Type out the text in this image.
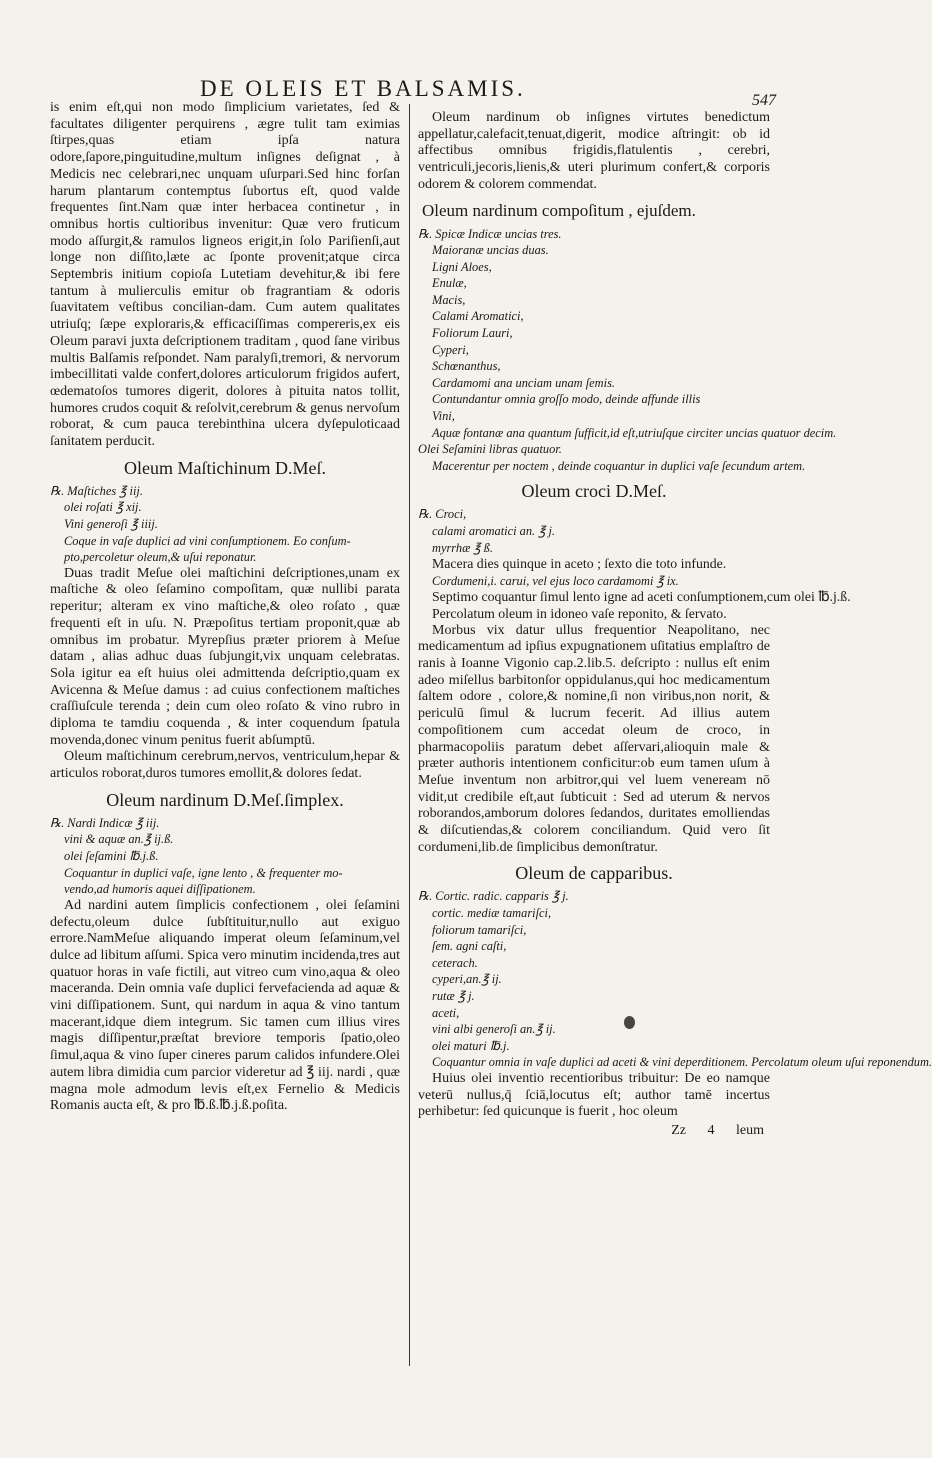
DE OLEIS ET BALSAMIS.	547

is enim eſt,qui non modo ſimplicium varietates, ſed & facultates diligenter perquirens , ægre tulit tam eximias ſtirpes,quas etiam ipſa natura odore,ſapore,pinguitudine,multum inſignes deſignat , à Medicis nec celebrari,nec unquam uſurpari.Sed hinc forſan harum plantarum contemptus ſubortus eſt, quod valde frequentes ſint.Nam quæ inter herbacea continetur , in omnibus hortis cultioribus invenitur: Quæ vero fruticum modo aſſurgit,& ramulos ligneos erigit,in ſolo Pariſienſi,aut longe non diſſito,læte ac ſponte provenit;atque circa Septembris initium copioſa Lutetiam devehitur,& ibi fere tantum à mulierculis emitur ob fragrantiam & odoris ſuavitatem veſtibus concilian-dam. Cum autem qualitates utriuſq; ſæpe exploraris,& efficaciſſimas compereris,ex eis Oleum paravi juxta deſcriptionem traditam , quod ſane viribus multis Balſamis reſpondet. Nam paralyſi,tremori, & nervorum imbecillitati valde confert,dolores articulorum frigidos aufert, œdematoſos tumores digerit, dolores à pituita natos tollit, humores crudos coquit & reſolvit,cerebrum & genus nervoſum roborat, & cum pauca terebinthina ulcera dyſepuloticaad ſanitatem perducit.

Oleum Maſtichinum D.Meſ.
℞. Maſtiches ℥ iij.
olei roſati ℥ xij.
Vini generoſi ℥ iiij.
Coque in vaſe duplici ad vini conſumptionem. Eo conſum-
pto,percoletur oleum,& uſui reponatur.

Duas tradit Meſue olei maſtichini deſcriptiones,unam ex maſtiche & oleo ſeſamino compoſitam, quæ nullibi parata reperitur; alteram ex vino maſtiche,& oleo roſato , quæ frequenti eſt in uſu. N. Præpoſitus tertiam proponit,quæ ab omnibus im probatur. Myrepſius præter priorem à Meſue datam , alias adhuc duas ſubjungit,vix unquam celebratas. Sola igitur ea eſt huius olei admittenda deſcriptio,quam ex Avicenna & Meſue damus : ad cuius confectionem maſtiches craſſiuſcule terenda ; dein cum oleo roſato & vino rubro in diploma te tamdiu coquenda , & inter coquendum ſpatula movenda,donec vinum penitus fuerit abſumptū.

Oleum maſtichinum cerebrum,nervos, ventriculum,hepar & articulos roborat,duros tumores emollit,& dolores ſedat.

Oleum nardinum D.Meſ.ſimplex.
℞. Nardi Indicæ ℥ iij.
vini & aquæ an.℥ ij.ß.
olei ſeſamini ℔.j.ß.
Coquantur in duplici vaſe, igne lento , & frequenter mo-
vendo,ad humoris aquei diſſipationem.

Ad nardini autem ſimplicis confectionem , olei ſeſamini defectu,oleum dulce ſubſtituitur,nullo aut exiguo errore.NamMeſue aliquando imperat oleum ſeſaminum,vel dulce ad libitum aſſumi. Spica vero minutim incidenda,tres aut quatuor horas in vaſe fictili, aut vitreo cum vino,aqua & oleo maceranda. Dein omnia vaſe duplici fervefacienda ad aquæ & vini diſſipationem. Sunt, qui nardum in aqua & vino tantum macerant,idque diem integrum. Sic tamen cum illius vires magis diſſipentur,præſtat breviore temporis ſpatio,oleo ſimul,aqua & vino ſuper cineres parum calidos infundere.Olei autem libra dimidia cum parcior videretur ad ℥ iij. nardi , quæ magna mole admodum levis eſt,ex Fernelio & Medicis Romanis aucta eſt, & pro ℔.ß.℔.j.ß.poſita.

Oleum nardinum ob inſignes virtutes benedictum appellatur,calefacit,tenuat,digerit, modice aſtringit: ob id affectibus omnibus frigidis,flatulentis , cerebri, ventriculi,jecoris,lienis,& uteri plurimum confert,& corporis odorem & colorem commendat.

Oleum nardinum compoſitum , ejuſdem.
℞. Spicæ Indicæ uncias tres.
Maioranæ uncias duas.
Ligni Aloes,
Enulæ,
Macis,
Calami Aromatici,
Foliorum Lauri,
Cyperi,
Schœnanthus,
Cardamomi ana unciam unam ſemis.
Contundantur omnia groſſo modo, deinde affunde illis
Vini,
Aquæ fontanæ ana quantum ſufficit,id eſt,utriuſque circiter uncias quatuor decim.
Olei Seſamini libras quatuor.
Macerentur per noctem , deinde coquantur in duplici vaſe ſecundum artem.
Oleum croci D.Meſ.
℞. Croci,
calami aromatici an. ℥ j.
myrrhæ ℥ ß.
Macera dies quinque in aceto ; ſexto die toto infunde.
Cordumeni,i. carui, vel ejus loco cardamomi ℥ ix.
Septimo coquantur ſimul lento igne ad aceti conſumptionem,cum olei ℔.j.ß.
Percolatum oleum in idoneo vaſe reponito, & ſervato.

Morbus vix datur ullus frequentior Neapolitano, nec medicamentum ad ipſius expugnationem uſitatius emplaſtro de ranis à Ioanne Vigonio cap.2.lib.5. deſcripto : nullus eſt enim adeo miſellus barbitonſor oppidulanus,qui hoc medicamentum ſaltem odore , colore,& nomine,ſi non viribus,non norit, & periculū ſimul & lucrum fecerit. Ad illius autem compoſitionem cum accedat oleum de croco, in pharmacopoliis paratum debet aſſervari,alioquin male & præter authoris intentionem conficitur:ob eum tamen uſum à Meſue inventum non arbitror,qui vel luem veneream nō vidit,ut credibile eſt,aut ſubticuit : Sed ad uterum & nervos roborandos,amborum dolores ſedandos, duritates emolliendas & diſcutiendas,& colorem conciliandum. Quid vero ſit cordumeni,lib.de ſimplicibus demonſtratur.

Oleum de capparibus.
℞. Cortic. radic. capparis ℥ j.
cortic. mediæ tamariſci,
foliorum tamariſci,
ſem. agni caſti,
ceterach.
cyperi,an.℥ ij.
rutæ ℥ j.
aceti,
vini albi generoſi an.℥ ij.
olei maturi ℔.j.
Coquantur omnia in vaſe duplici ad aceti & vini deperditionem. Percolatum oleum uſui reponendum.

Huius olei inventio recentioribus tribuitur: De eo namque veterū nullus,q̄ ſciā,locutus eſt; author tamē incertus perhibetur: ſed quicunque is fuerit , hoc oleum

Zz 4 leum
